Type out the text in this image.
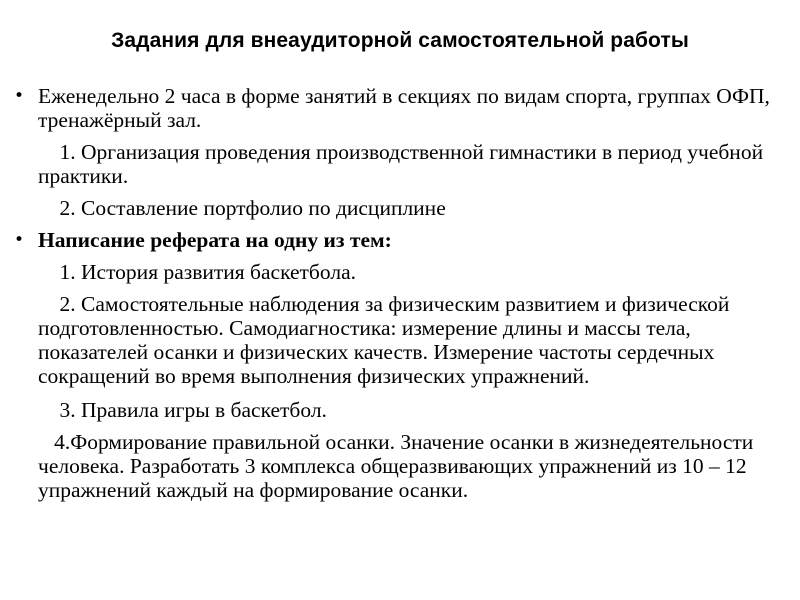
Задания для внеаудиторной самостоятельной работы

• Еженедельно 2 часа в форме занятий в секциях по видам спорта, группах ОФП, тренажёрный зал.

1. Организация проведения производственной гимнастики в период учебной практики.

2. Составление портфолио по дисциплине

• Написание реферата на одну из тем:

1. История развития баскетбола.

2. Самостоятельные наблюдения за физическим развитием и физической подготовленностью. Самодиагностика: измерение длины и массы тела, показателей осанки и физических качеств. Измерение частоты сердечных сокращений во время выполнения физических упражнений.

3. Правила игры в баскетбол.

4.Формирование правильной осанки. Значение осанки в жизнедеятельности человека. Разработать 3 комплекса общеразвивающих упражнений из 10 – 12 упражнений каждый на формирование осанки.
